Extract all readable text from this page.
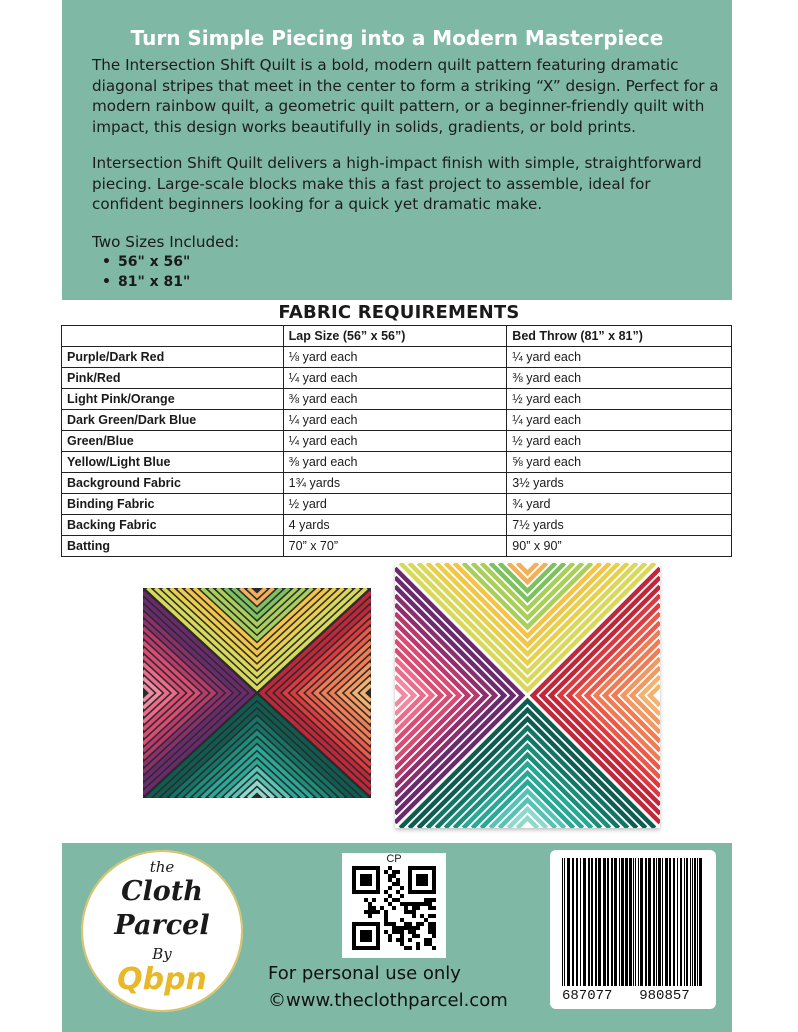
Turn Simple Piecing into a Modern Masterpiece

The Intersection Shift Quilt is a bold, modern quilt pattern featuring dramatic diagonal stripes that meet in the center to form a striking “X” design. Perfect for a modern rainbow quilt, a geometric quilt pattern, or a beginner-friendly quilt with impact, this design works beautifully in solids, gradients, or bold prints.

Intersection Shift Quilt delivers a high-impact finish with simple, straightforward piecing. Large-scale blocks make this a fast project to assemble, ideal for confident beginners looking for a quick yet dramatic make.

Two Sizes Included:

• 56" x 56"
• 81" x 81"
FABRIC REQUIREMENTS
	Lap Size (56” x 56”)	Bed Throw (81” x 81”)
Purple/Dark Red	⅛ yard each	¼ yard each
Pink/Red	¼ yard each	⅜ yard each
Light Pink/Orange	⅜ yard each	½ yard each
Dark Green/Dark Blue	¼ yard each	¼ yard each
Green/Blue	¼ yard each	½ yard each
Yellow/Light Blue	⅜ yard each	⅝ yard each
Background Fabric	1¾ yards	3½ yards
Binding Fabric	½ yard	¾ yard
Backing Fabric	4 yards	7½ yards
Batting	70” x 70”	90” x 90”
the
Cloth
Parcel
By
Qbpn
CP
For personal use only
©www.theclothparcel.com	687077 980857
